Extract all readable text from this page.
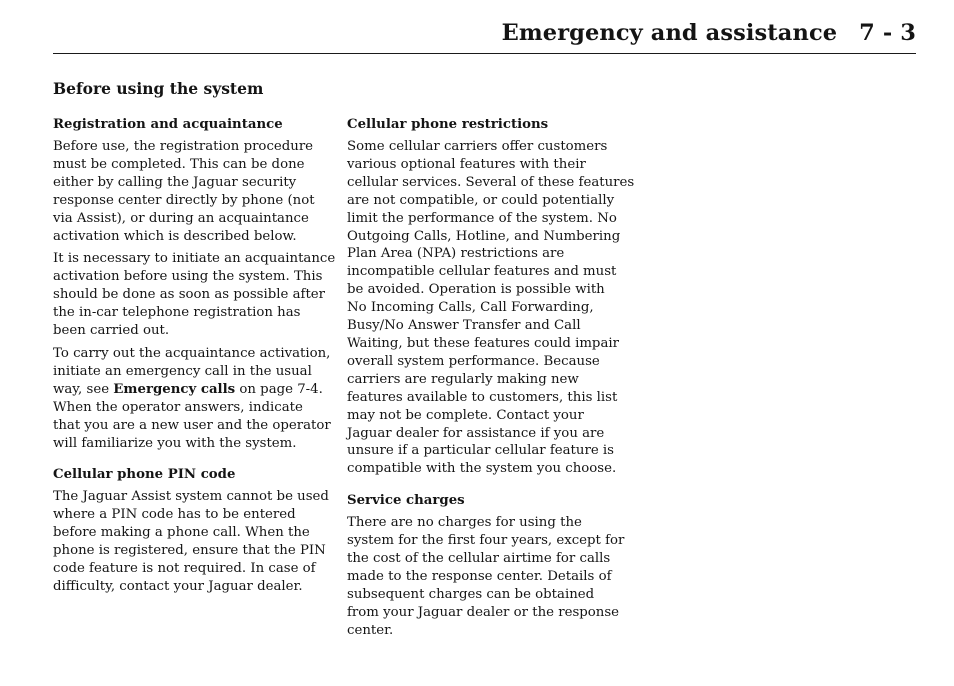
Emergency and assistance 7 - 3
Before using the system
Registration and acquaintance
Before use, the registration procedure
must be completed. This can be done
either by calling the Jaguar security
response center directly by phone (not
via Assist), or during an acquaintance
activation which is described below.
It is necessary to initiate an acquaintance
activation before using the system. This
should be done as soon as possible after
the in-car telephone registration has
been carried out.
To carry out the acquaintance activation,
initiate an emergency call in the usual
way, see Emergency calls on page 7-4.
When the operator answers, indicate
that you are a new user and the operator
will familiarize you with the system.
Cellular phone PIN code
The Jaguar Assist system cannot be used
where a PIN code has to be entered
before making a phone call. When the
phone is registered, ensure that the PIN
code feature is not required. In case of
difficulty, contact your Jaguar dealer.
Cellular phone restrictions
Some cellular carriers offer customers
various optional features with their
cellular services. Several of these features
are not compatible, or could potentially
limit the performance of the system. No
Outgoing Calls, Hotline, and Numbering
Plan Area (NPA) restrictions are
incompatible cellular features and must
be avoided. Operation is possible with
No Incoming Calls, Call Forwarding,
Busy/No Answer Transfer and Call
Waiting, but these features could impair
overall system performance. Because
carriers are regularly making new
features available to customers, this list
may not be complete. Contact your
Jaguar dealer for assistance if you are
unsure if a particular cellular feature is
compatible with the system you choose.
Service charges
There are no charges for using the
system for the first four years, except for
the cost of the cellular airtime for calls
made to the response center. Details of
subsequent charges can be obtained
from your Jaguar dealer or the response
center.
